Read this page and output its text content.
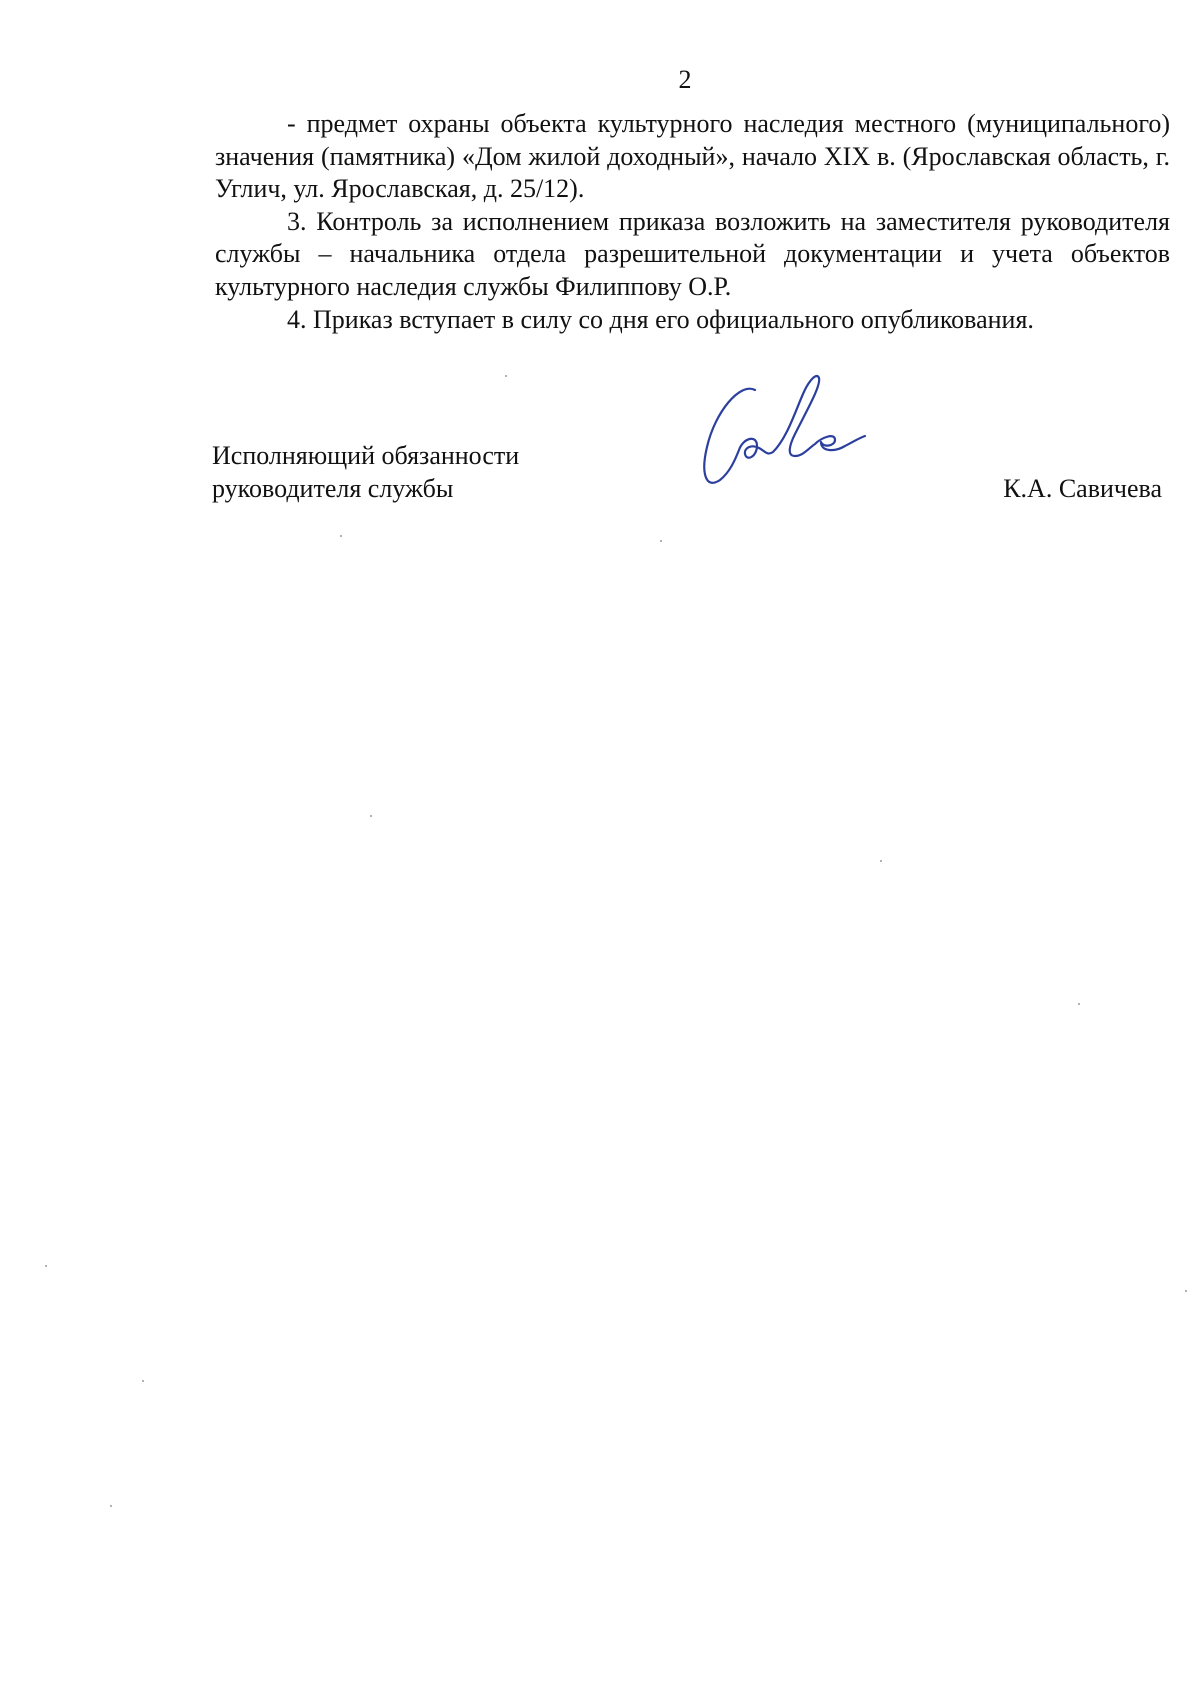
2

- предмет охраны объекта культурного наследия местного (муниципального) значения (памятника) «Дом жилой доходный», начало XIX в. (Ярославская область, г. Углич, ул. Ярославская, д. 25/12).

3. Контроль за исполнением приказа возложить на заместителя руководителя службы – начальника отдела разрешительной документации и учета объектов культурного наследия службы Филиппову О.Р.

4. Приказ вступает в силу со дня его официального опубликования.

Исполняющий обязанности
руководителя службы	К.А. Савичева
